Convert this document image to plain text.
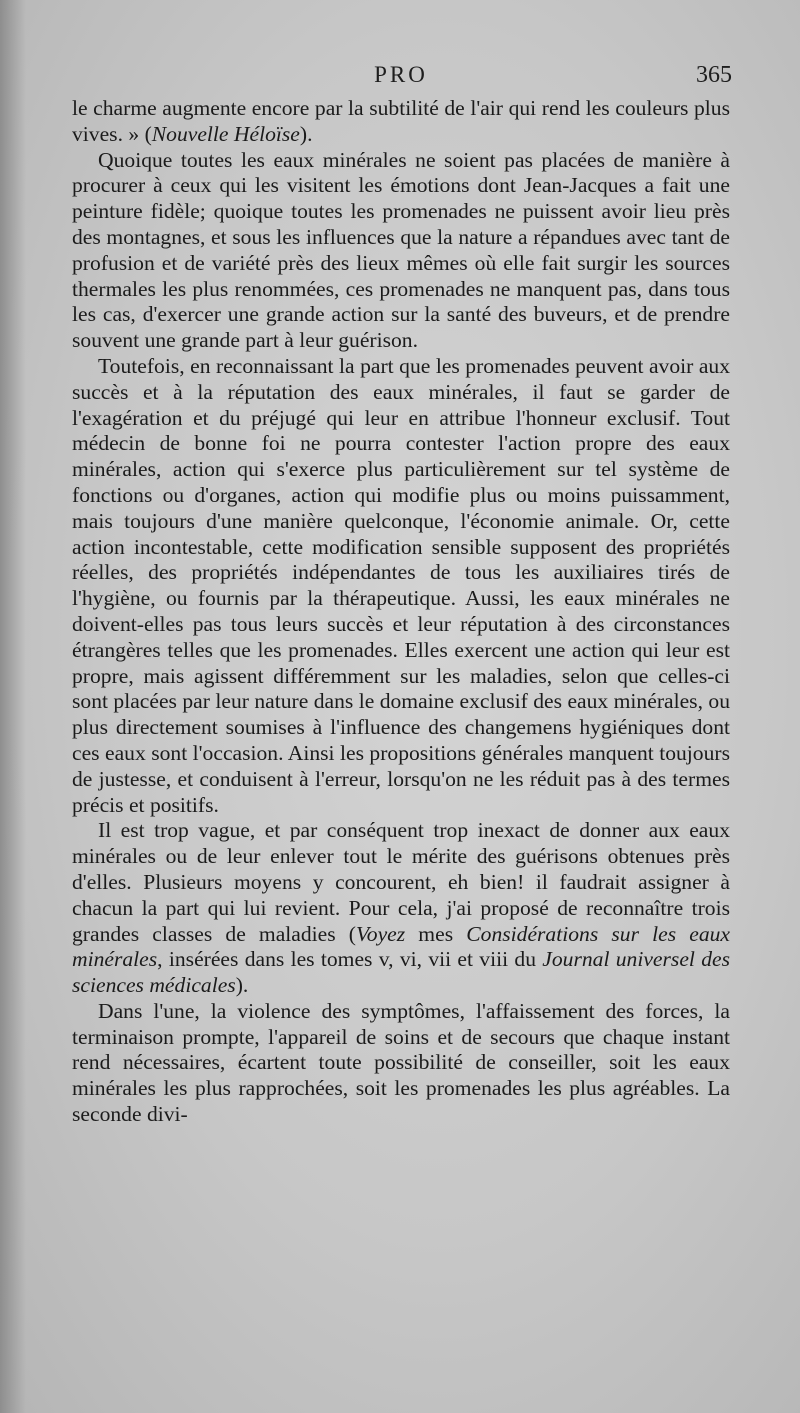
PRO	365

le charme augmente encore par la subtilité de l'air qui rend les couleurs plus vives. » (Nouvelle Héloïse).

Quoique toutes les eaux minérales ne soient pas placées de manière à procurer à ceux qui les visitent les émotions dont Jean-Jacques a fait une peinture fidèle; quoique toutes les promenades ne puissent avoir lieu près des montagnes, et sous les influences que la nature a répandues avec tant de profusion et de variété près des lieux mêmes où elle fait surgir les sources thermales les plus renommées, ces promenades ne manquent pas, dans tous les cas, d'exercer une grande action sur la santé des buveurs, et de prendre souvent une grande part à leur guérison.

Toutefois, en reconnaissant la part que les promenades peuvent avoir aux succès et à la réputation des eaux minérales, il faut se garder de l'exagération et du préjugé qui leur en attribue l'honneur exclusif. Tout médecin de bonne foi ne pourra contester l'action propre des eaux minérales, action qui s'exerce plus particulièrement sur tel système de fonctions ou d'organes, action qui modifie plus ou moins puissamment, mais toujours d'une manière quelconque, l'économie animale. Or, cette action incontestable, cette modification sensible supposent des propriétés réelles, des propriétés indépendantes de tous les auxiliaires tirés de l'hygiène, ou fournis par la thérapeutique. Aussi, les eaux minérales ne doivent-elles pas tous leurs succès et leur réputation à des circonstances étrangères telles que les promenades. Elles exercent une action qui leur est propre, mais agissent différemment sur les maladies, selon que celles-ci sont placées par leur nature dans le domaine exclusif des eaux minérales, ou plus directement soumises à l'influence des changemens hygiéniques dont ces eaux sont l'occasion. Ainsi les propositions générales manquent toujours de justesse, et conduisent à l'erreur, lorsqu'on ne les réduit pas à des termes précis et positifs.

Il est trop vague, et par conséquent trop inexact de donner aux eaux minérales ou de leur enlever tout le mérite des guérisons obtenues près d'elles. Plusieurs moyens y concourent, eh bien! il faudrait assigner à chacun la part qui lui revient. Pour cela, j'ai proposé de reconnaître trois grandes classes de maladies (Voyez mes Considérations sur les eaux minérales, insérées dans les tomes v, vi, vii et viii du Journal universel des sciences médicales).

Dans l'une, la violence des symptômes, l'affaissement des forces, la terminaison prompte, l'appareil de soins et de secours que chaque instant rend nécessaires, écartent toute possibilité de conseiller, soit les eaux minérales les plus rapprochées, soit les promenades les plus agréables. La seconde divi-
